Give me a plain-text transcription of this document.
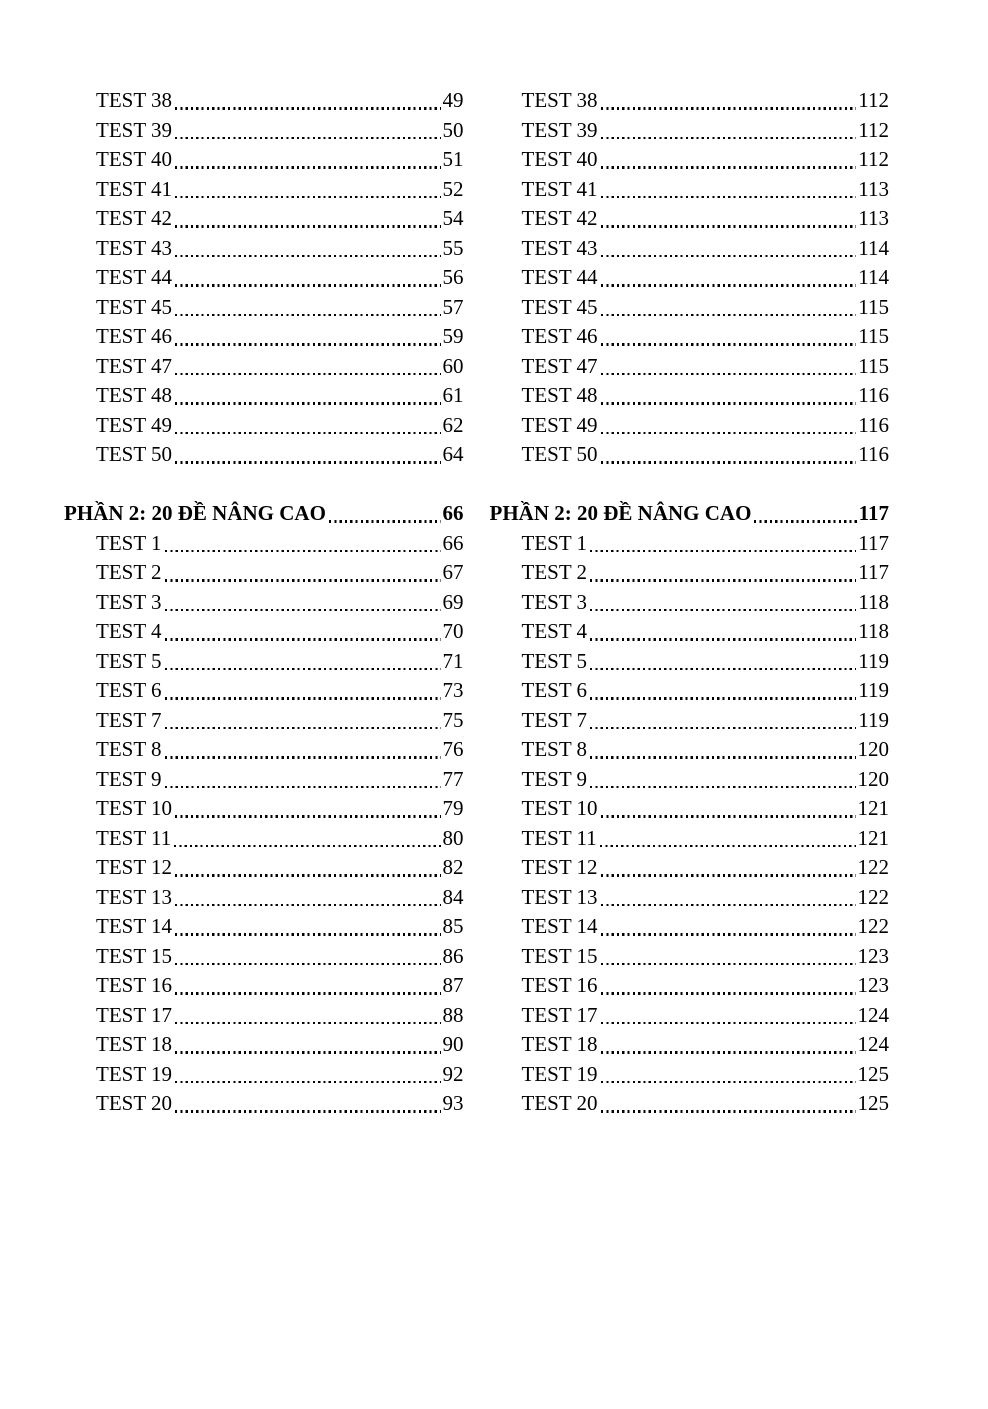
TEST 38	49
TEST 39	50
TEST 40	51
TEST 41	52
TEST 42	54
TEST 43	55
TEST 44	56
TEST 45	57
TEST 46	59
TEST 47	60
TEST 48	61
TEST 49	62
TEST 50	64
PHẦN 2: 20 ĐỀ NÂNG CAO	66
TEST 1	66
TEST 2	67
TEST 3	69
TEST 4	70
TEST 5	71
TEST 6	73
TEST 7	75
TEST 8	76
TEST 9	77
TEST 10	79
TEST 11	80
TEST 12	82
TEST 13	84
TEST 14	85
TEST 15	86
TEST 16	87
TEST 17	88
TEST 18	90
TEST 19	92
TEST 20	93
TEST 38	112
TEST 39	112
TEST 40	112
TEST 41	113
TEST 42	113
TEST 43	114
TEST 44	114
TEST 45	115
TEST 46	115
TEST 47	115
TEST 48	116
TEST 49	116
TEST 50	116
PHẦN 2: 20 ĐỀ NÂNG CAO	117
TEST 1	117
TEST 2	117
TEST 3	118
TEST 4	118
TEST 5	119
TEST 6	119
TEST 7	119
TEST 8	120
TEST 9	120
TEST 10	121
TEST 11	121
TEST 12	122
TEST 13	122
TEST 14	122
TEST 15	123
TEST 16	123
TEST 17	124
TEST 18	124
TEST 19	125
TEST 20	125
